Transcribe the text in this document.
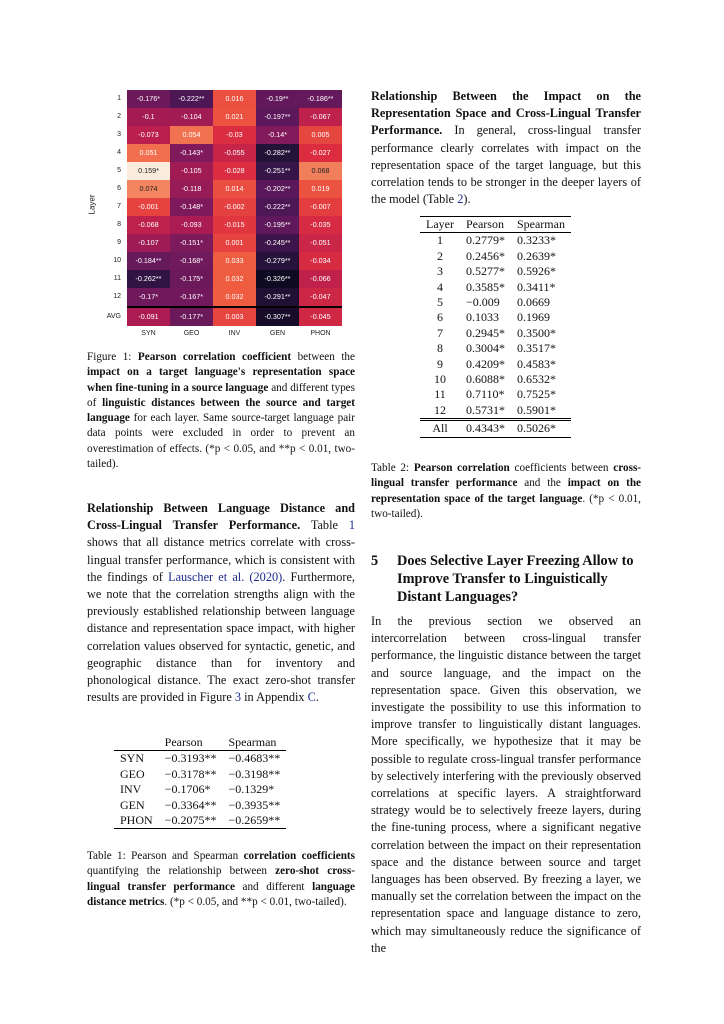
Layer
1	-0.176*	-0.222**	0.016	-0.19**	-0.186**
2	-0.1	-0.104	0.021	-0.197**	-0.067
3	-0.073	0.054	-0.03	-0.14*	0.005
4	0.051	-0.143*	-0.055	-0.282**	-0.027
5	0.159*	-0.105	-0.028	-0.251**	0.068
6	0.074	-0.118	0.014	-0.202**	0.019
7	-0.001	-0.148*	-0.002	-0.222**	-0.007
8	-0.068	-0.093	-0.015	-0.195**	-0.035
9	-0.107	-0.151*	0.001	-0.245**	-0.051
10	-0.184**	-0.168*	0.033	-0.279**	-0.034
11	-0.262**	-0.175*	0.032	-0.326**	-0.066
12	-0.17*	-0.167*	0.032	-0.291**	-0.047
AVG	-0.091	-0.177*	0.003	-0.307**	-0.045
SYN	GEO	INV	GEN	PHON
Figure 1: Pearson correlation coefficient between the impact on a target language's representation space when fine-tuning in a source language and different types of linguistic distances between the source and target language for each layer. Same source-target language pair data points were excluded in order to prevent an overestimation of effects. (*p < 0.05, and **p < 0.01, two-tailed).
Relationship Between Language Distance and Cross-Lingual Transfer Performance. Table 1 shows that all distance metrics correlate with cross-lingual transfer performance, which is consistent with the findings of Lauscher et al. (2020). Furthermore, we note that the correlation strengths align with the previously established relationship between language distance and representation space impact, with higher correlation values observed for syntactic, genetic, and geographic distance than for inventory and phonological distance. The exact zero-shot transfer results are provided in Figure 3 in Appendix C.
	Pearson	Spearman
SYN	−0.3193**	−0.4683**
GEO	−0.3178**	−0.3198**
INV	−0.1706*	−0.1329*
GEN	−0.3364**	−0.3935**
PHON	−0.2075**	−0.2659**
Table 1: Pearson and Spearman correlation coefficients quantifying the relationship between zero-shot cross-lingual transfer performance and different language distance metrics. (*p < 0.05, and **p < 0.01, two-tailed).
Relationship Between the Impact on the Representation Space and Cross-Lingual Transfer Performance. In general, cross-lingual transfer performance clearly correlates with impact on the representation space of the target language, but this correlation tends to be stronger in the deeper layers of the model (Table 2).
Layer	Pearson	Spearman
1	0.2779*	0.3233*
2	0.2456*	0.2639*
3	0.5277*	0.5926*
4	0.3585*	0.3411*
5	−0.009	0.0669
6	0.1033	0.1969
7	0.2945*	0.3500*
8	0.3004*	0.3517*
9	0.4209*	0.4583*
10	0.6088*	0.6532*
11	0.7110*	0.7525*
12	0.5731*	0.5901*
All	0.4343*	0.5026*
Table 2: Pearson correlation coefficients between cross-lingual transfer performance and the impact on the representation space of the target language. (*p < 0.01, two-tailed).
5	Does Selective Layer Freezing Allow to Improve Transfer to Linguistically Distant Languages?
In the previous section we observed an intercorrelation between cross-lingual transfer performance, the linguistic distance between the target and source language, and the impact on the representation space. Given this observation, we investigate the possibility to use this information to improve transfer to linguistically distant languages. More specifically, we hypothesize that it may be possible to regulate cross-lingual transfer performance by selectively interfering with the previously observed correlations at specific layers. A straightforward strategy would be to selectively freeze layers, during the fine-tuning process, where a significant negative correlation between the impact on their representation space and the distance between source and target languages has been observed. By freezing a layer, we manually set the correlation between the impact on the representation space and language distance to zero, which may simultaneously reduce the significance of the
